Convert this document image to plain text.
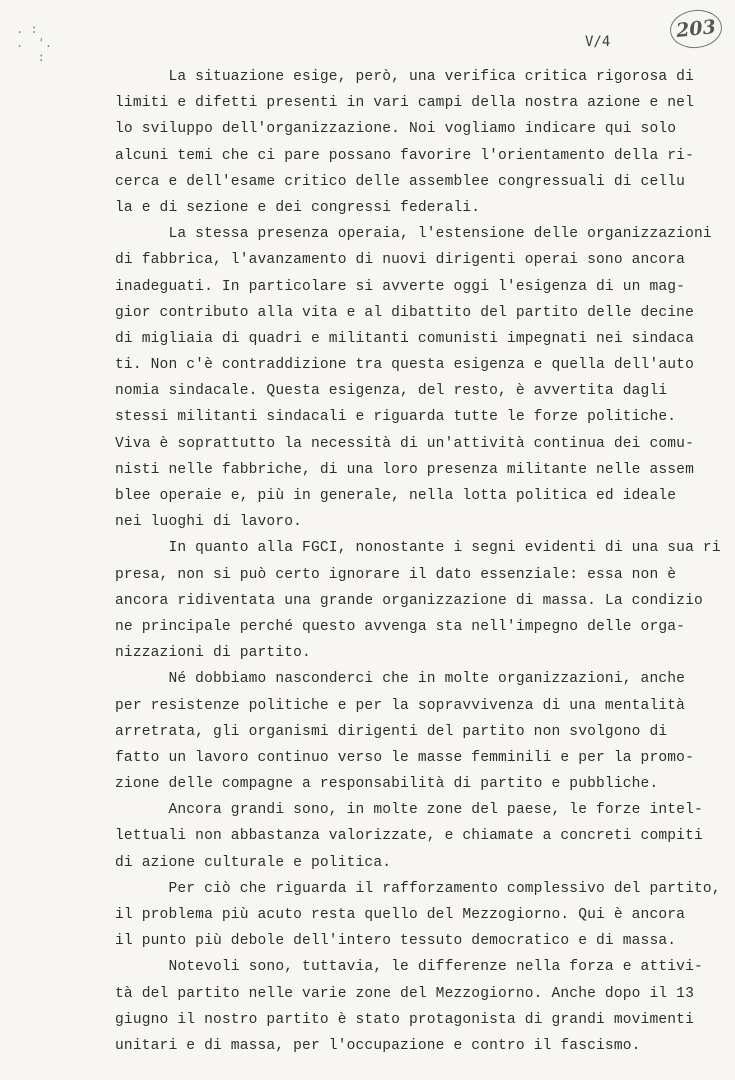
. :
.  '.
:
V/4	203
La situazione esige, però, una verifica critica rigorosa di
limiti e difetti presenti in vari campi della nostra azione e nel
lo sviluppo dell'organizzazione. Noi vogliamo indicare qui solo
alcuni temi che ci pare possano favorire l'orientamento della ri-
cerca e dell'esame critico delle assemblee congressuali di cellu
la e di sezione e dei congressi federali.
La stessa presenza operaia, l'estensione delle organizzazioni
di fabbrica, l'avanzamento di nuovi dirigenti operai sono ancora
inadeguati. In particolare si avverte oggi l'esigenza di un mag-
gior contributo alla vita e al dibattito del partito delle decine
di migliaia di quadri e militanti comunisti impegnati nei sindaca
ti. Non c'è contraddizione tra questa esigenza e quella dell'auto
nomia sindacale. Questa esigenza, del resto, è avvertita dagli
stessi militanti sindacali e riguarda tutte le forze politiche.
Viva è soprattutto la necessità di un'attività continua dei comu-
nisti nelle fabbriche, di una loro presenza militante nelle assem
blee operaie e, più in generale, nella lotta politica ed ideale
nei luoghi di lavoro.
In quanto alla FGCI, nonostante i segni evidenti di una sua ri
presa, non si può certo ignorare il dato essenziale: essa non è
ancora ridiventata una grande organizzazione di massa. La condizio
ne principale perché questo avvenga sta nell'impegno delle orga-
nizzazioni di partito.
Né dobbiamo nasconderci che in molte organizzazioni, anche
per resistenze politiche e per la sopravvivenza di una mentalità
arretrata, gli organismi dirigenti del partito non svolgono di
fatto un lavoro continuo verso le masse femminili e per la promo-
zione delle compagne a responsabilità di partito e pubbliche.
Ancora grandi sono, in molte zone del paese, le forze intel-
lettuali non abbastanza valorizzate, e chiamate a concreti compiti
di azione culturale e politica.
Per ciò che riguarda il rafforzamento complessivo del partito,
il problema più acuto resta quello del Mezzogiorno. Qui è ancora
il punto più debole dell'intero tessuto democratico e di massa.
Notevoli sono, tuttavia, le differenze nella forza e attivi-
tà del partito nelle varie zone del Mezzogiorno. Anche dopo il 13
giugno il nostro partito è stato protagonista di grandi movimenti
unitari e di massa, per l'occupazione e contro il fascismo.
